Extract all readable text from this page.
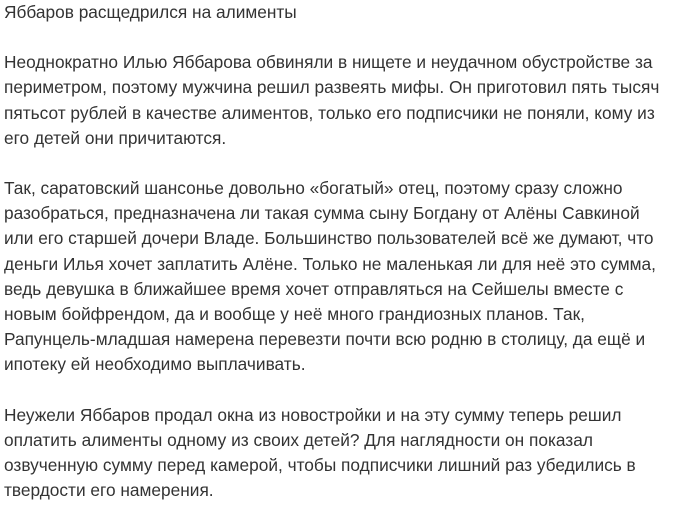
Яббаров расщедрился на алименты

Неоднократно Илью Яббарова обвиняли в нищете и неудачном обустройстве за
периметром, поэтому мужчина решил развеять мифы. Он приготовил пять тысяч
пятьсот рублей в качестве алиментов, только его подписчики не поняли, кому из
его детей они причитаются.

Так, саратовский шансонье довольно «богатый» отец, поэтому сразу сложно
разобраться, предназначена ли такая сумма сыну Богдану от Алёны Савкиной
или его старшей дочери Владе. Большинство пользователей всё же думают, что
деньги Илья хочет заплатить Алёне. Только не маленькая ли для неё это сумма,
ведь девушка в ближайшее время хочет отправляться на Сейшелы вместе с
новым бойфрендом, да и вообще у неё много грандиозных планов. Так,
Рапунцель-младшая намерена перевезти почти всю родню в столицу, да ещё и
ипотеку ей необходимо выплачивать.

Неужели Яббаров продал окна из новостройки и на эту сумму теперь решил
оплатить алименты одному из своих детей? Для наглядности он показал
озвученную сумму перед камерой, чтобы подписчики лишний раз убедились в
твердости его намерения.
